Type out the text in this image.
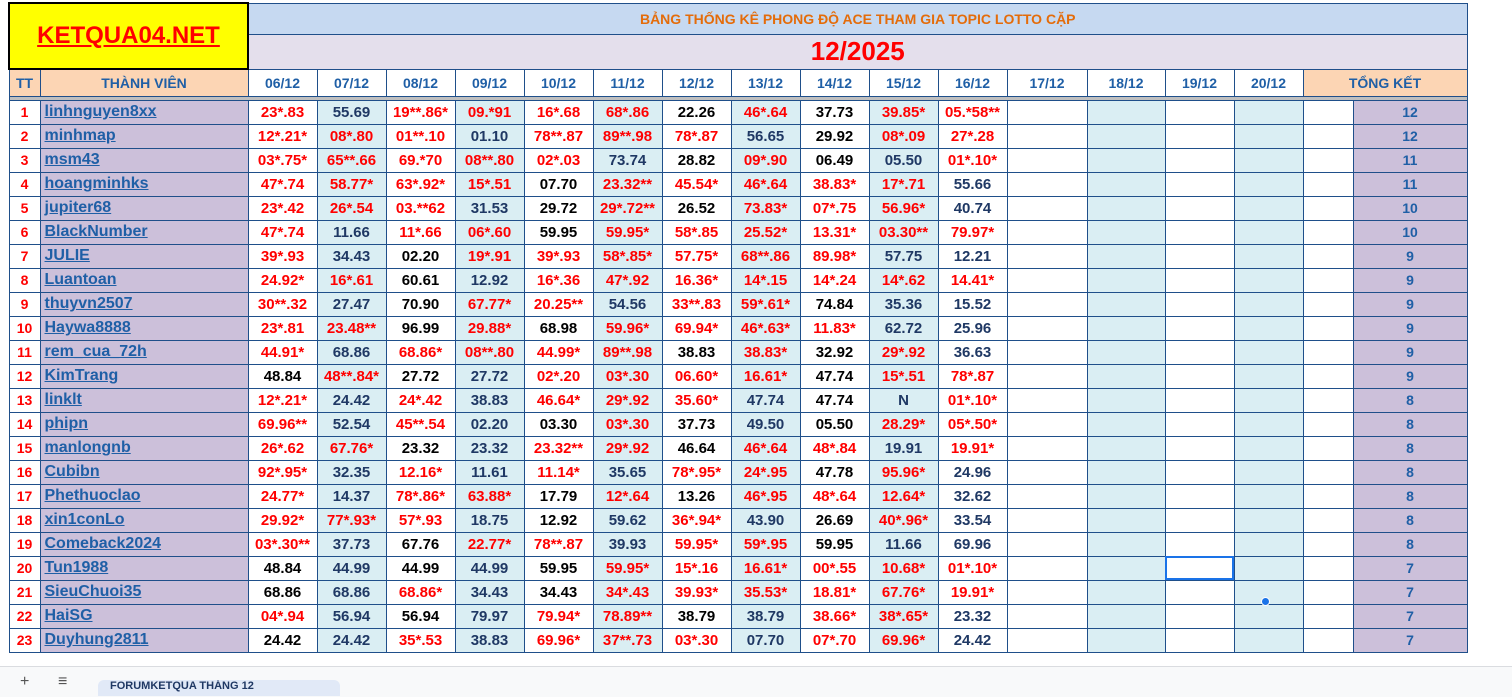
KETQUA04.NET		BẢNG THỐNG KÊ PHONG ĐỘ ACE THAM GIA TOPIC LOTTO CẶP																
		12/2025																
TT	THÀNH VIÊN	06/12	07/12	08/12	09/12	10/12	11/12	12/12	13/12	14/12	15/12	16/12	17/12	18/12	19/12	20/12	TỔNG KẾT	

1	linhnguyen8xx	23*.83	55.69	19**.86*	09.*91	16*.68	68*.86	22.26	46*.64	37.73	39.85*	05.*58**						12
2	minhmap	12*.21*	08*.80	01**.10	01.10	78**.87	89**.98	78*.87	56.65	29.92	08*.09	27*.28						12
3	msm43	03*.75*	65**.66	69.*70	08**.80	02*.03	73.74	28.82	09*.90	06.49	05.50	01*.10*						11
4	hoangminhks	47*.74	58.77*	63*.92*	15*.51	07.70	23.32**	45.54*	46*.64	38.83*	17*.71	55.66						11
5	jupiter68	23*.42	26*.54	03.**62	31.53	29.72	29*.72**	26.52	73.83*	07*.75	56.96*	40.74						10
6	BlackNumber	47*.74	11.66	11*.66	06*.60	59.95	59.95*	58*.85	25.52*	13.31*	03.30**	79.97*						10
7	JULIE	39*.93	34.43	02.20	19*.91	39*.93	58*.85*	57.75*	68**.86	89.98*	57.75	12.21						9
8	Luantoan	24.92*	16*.61	60.61	12.92	16*.36	47*.92	16.36*	14*.15	14*.24	14*.62	14.41*						9
9	thuyvn2507	30**.32	27.47	70.90	67.77*	20.25**	54.56	33**.83	59*.61*	74.84	35.36	15.52						9
10	Haywa8888	23*.81	23.48**	96.99	29.88*	68.98	59.96*	69.94*	46*.63*	11.83*	62.72	25.96						9
11	rem_cua_72h	44.91*	68.86	68.86*	08**.80	44.99*	89**.98	38.83	38.83*	32.92	29*.92	36.63						9
12	KimTrang	48.84	48**.84*	27.72	27.72	02*.20	03*.30	06.60*	16.61*	47.74	15*.51	78*.87						9
13	linklt	12*.21*	24.42	24*.42	38.83	46.64*	29*.92	35.60*	47.74	47.74	N	01*.10*						8
14	phipn	69.96**	52.54	45**.54	02.20	03.30	03*.30	37.73	49.50	05.50	28.29*	05*.50*						8
15	manlongnb	26*.62	67.76*	23.32	23.32	23.32**	29*.92	46.64	46*.64	48*.84	19.91	19.91*						8
16	Cubibn	92*.95*	32.35	12.16*	11.61	11.14*	35.65	78*.95*	24*.95	47.78	95.96*	24.96						8
17	Phethuoclao	24.77*	14.37	78*.86*	63.88*	17.79	12*.64	13.26	46*.95	48*.64	12.64*	32.62						8
18	xin1conLo	29.92*	77*.93*	57*.93	18.75	12.92	59.62	36*.94*	43.90	26.69	40*.96*	33.54						8
19	Comeback2024	03*.30**	37.73	67.76	22.77*	78**.87	39.93	59.95*	59*.95	59.95	11.66	69.96						8
20	Tun1988	48.84	44.99	44.99	44.99	59.95	59.95*	15*.16	16.61*	00*.55	10.68*	01*.10*						7
21	SieuChuoi35	68.86	68.86	68.86*	34.43	34.43	34*.43	39.93*	35.53*	18.81*	67.76*	19.91*						7
22	HaiSG	04*.94	56.94	56.94	79.97	79.94*	78.89**	38.79	38.79	38.66*	38*.65*	23.32						7
23	Duyhung2811	24.42	24.42	35*.53	38.83	69.96*	37**.73	03*.30	07.70	07*.70	69.96*	24.42						7
+ ≡	FORUMKETQUA THÁNG 12
